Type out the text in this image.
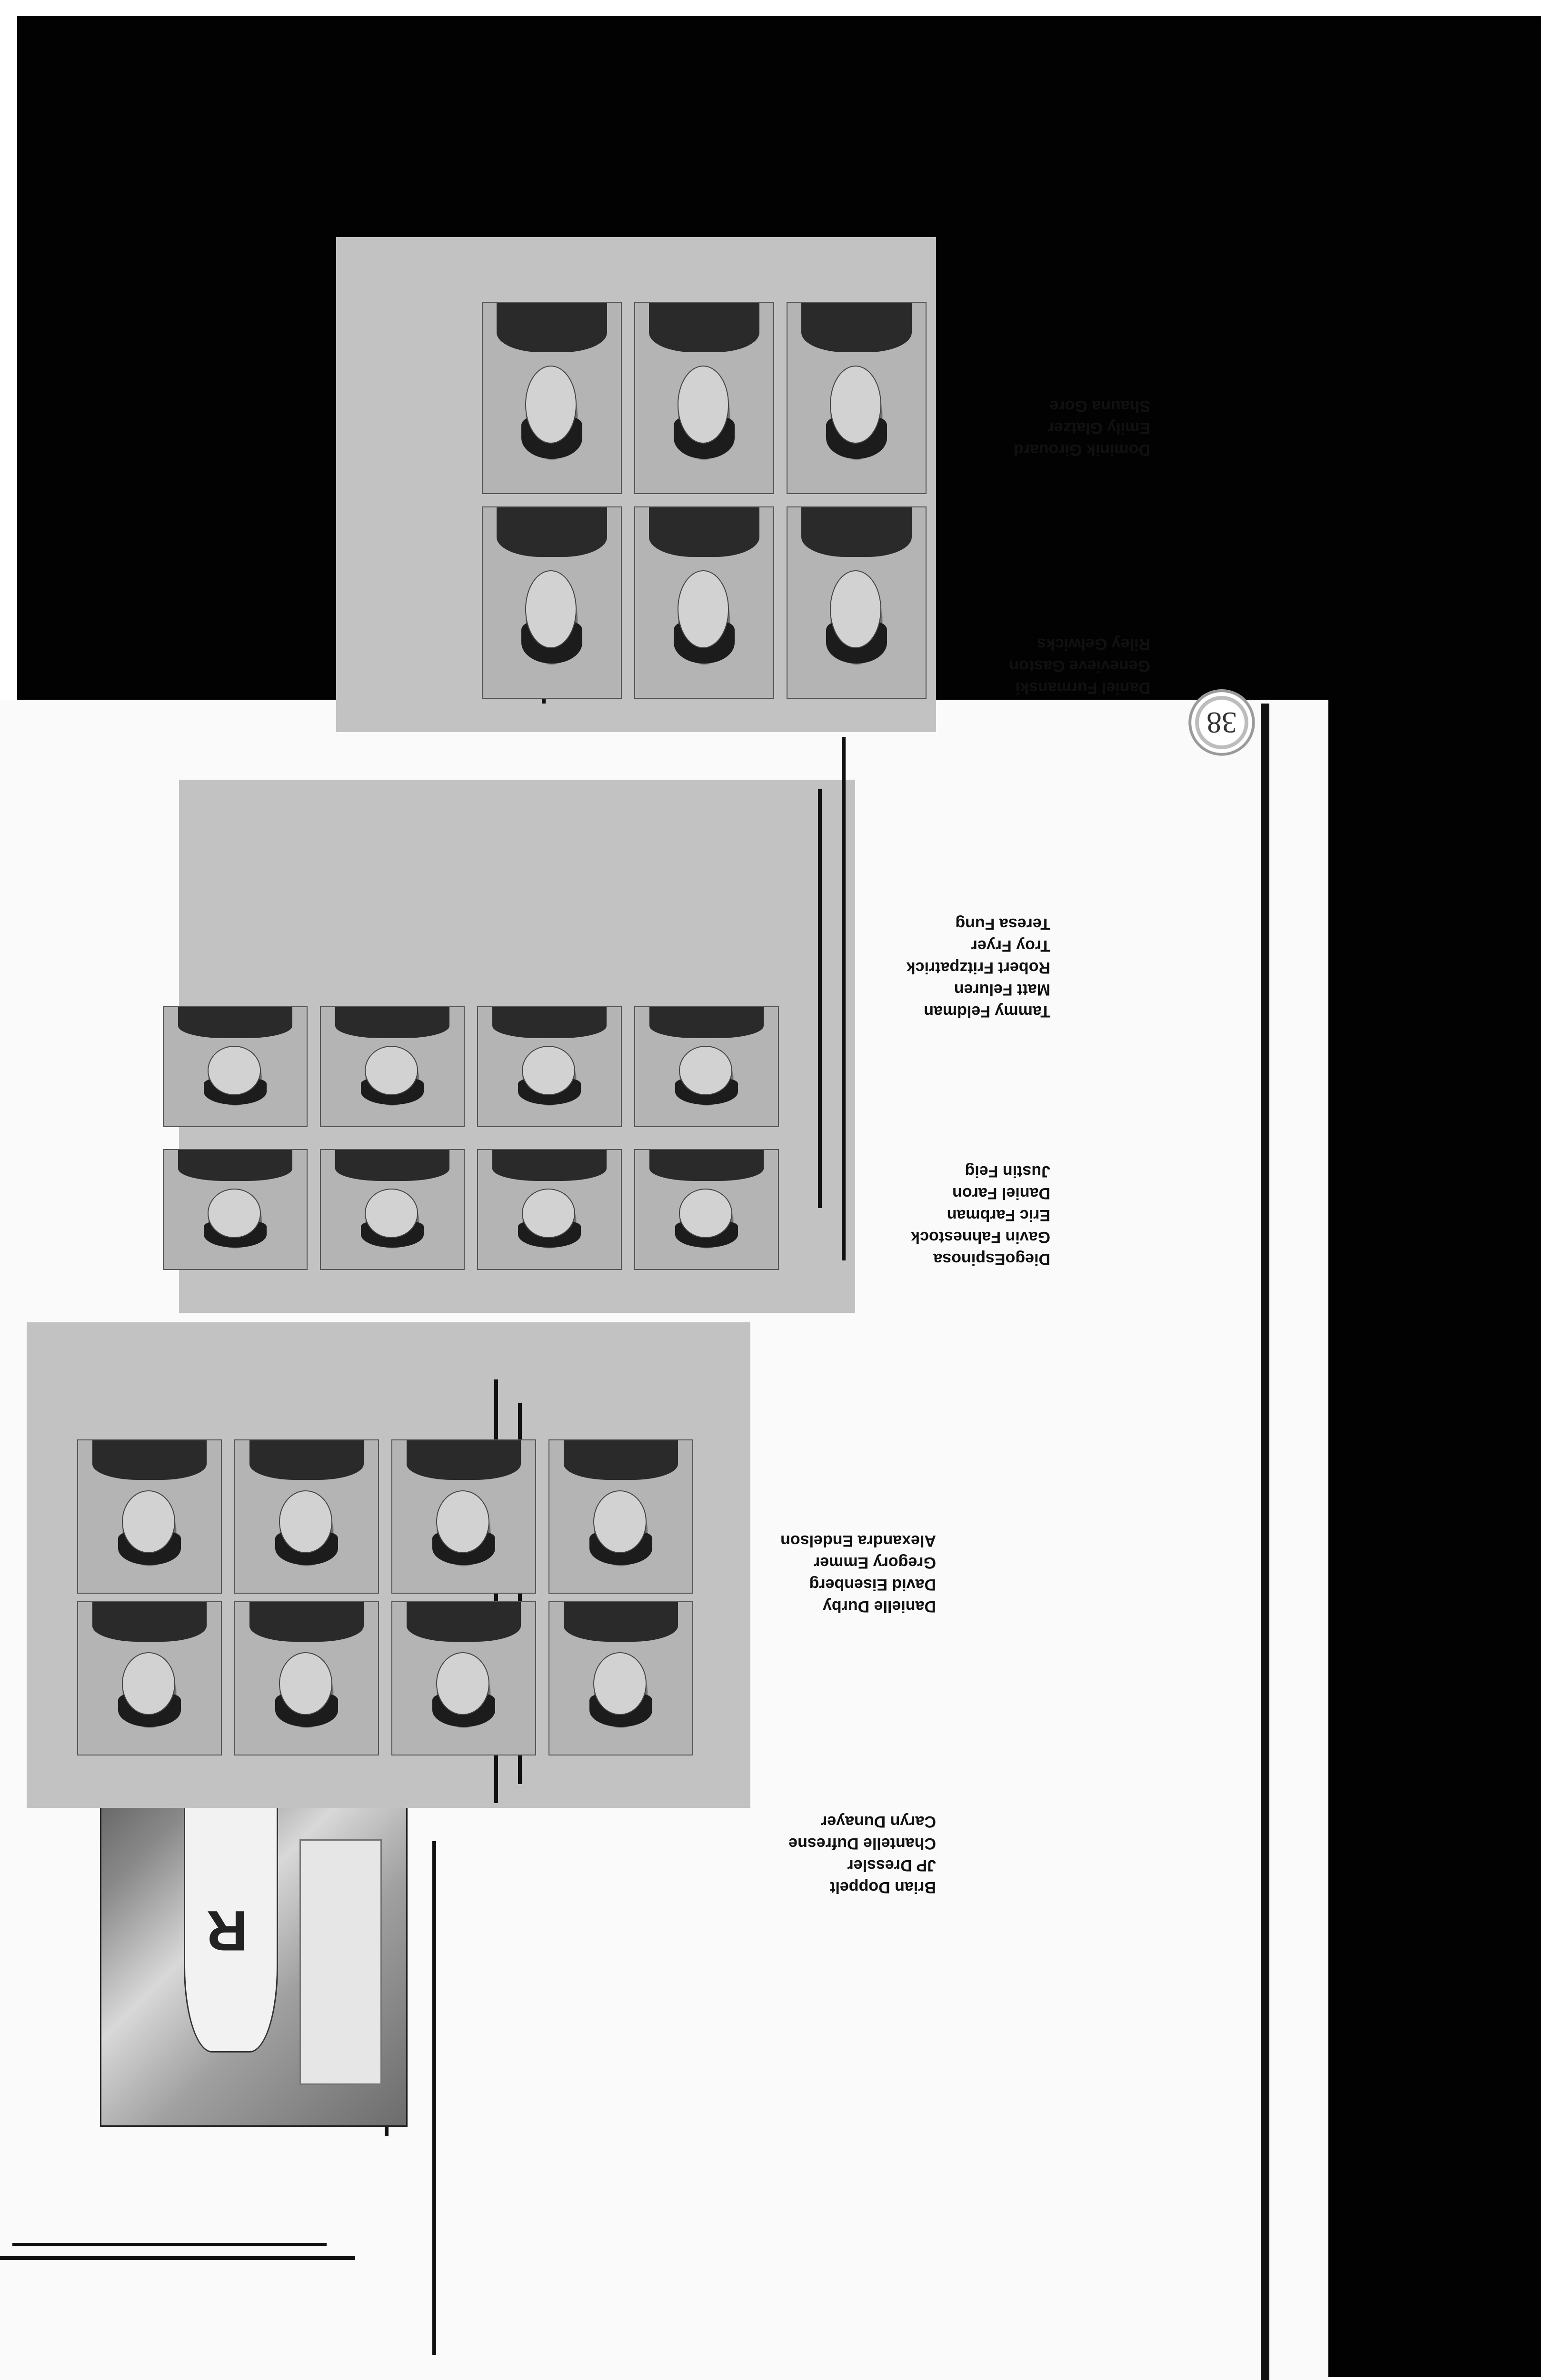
R
Brian Doppelt
JP Dressler
Chantelle Dufresne
Caryn Dunayer
Danielle Durby
David Eisenberg
Gregory Emmer
Alexandra Endelson
DiegoEspinosa
Gavin Fahnestock
Eric Farbman
Daniel Faron
Justin Feig
Tammy Feldman
Matt Feluren
Robert Fritzpatrick
Troy Fryer
Teresa Fung
Daniel Furmanski
Genevieve Gaston
Riley Gelwicks
Dominik Girouard
Emily Glatzer
Shauna Gore
38
